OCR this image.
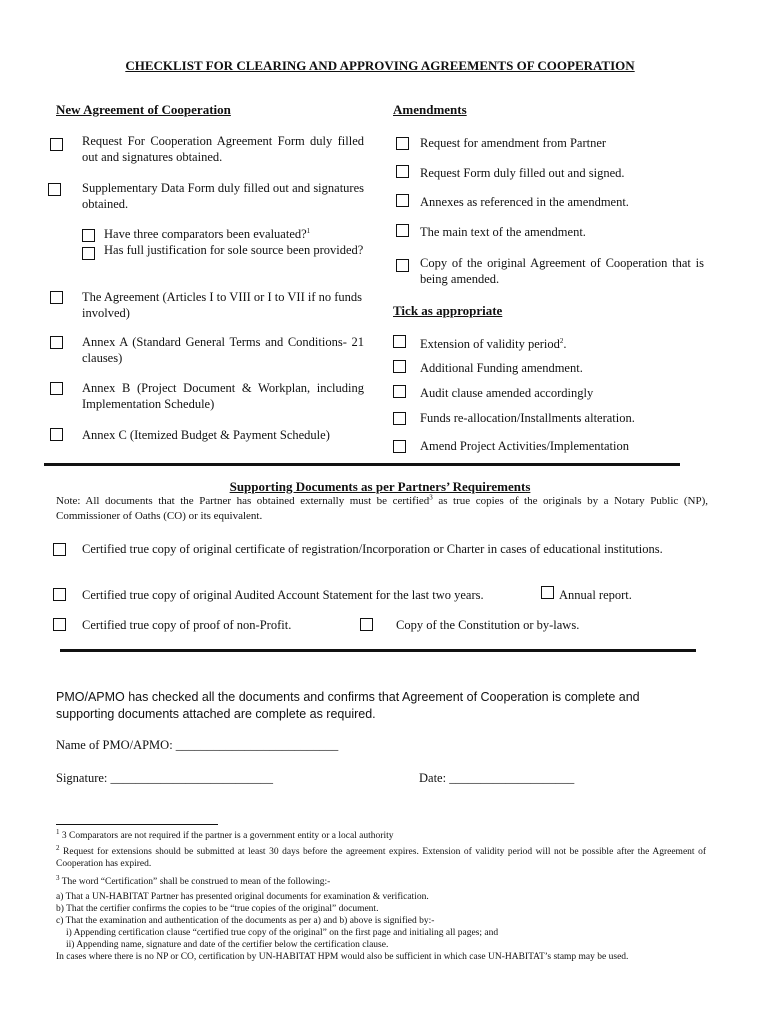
CHECKLIST FOR CLEARING AND APPROVING AGREEMENTS OF COOPERATION
New Agreement of Cooperation
Request For Cooperation Agreement Form duly filled out and signatures obtained.
Supplementary Data Form duly filled out and signatures obtained.
Have three comparators been evaluated?$^1$
Has full justification for sole source been provided?
The Agreement (Articles I to VIII or I to VII if no funds involved)
Annex A (Standard General Terms and Conditions- 21 clauses)
Annex B (Project Document & Workplan, including Implementation Schedule)
Annex C (Itemized Budget & Payment Schedule)
Amendments
Request for amendment from Partner
Request Form duly filled out and signed.
Annexes as referenced in the amendment.
The main text of the amendment.
Copy of the original Agreement of Cooperation that is being amended.
Tick as appropriate
Extension of validity period$^2$.
Additional Funding amendment.
Audit clause amended accordingly
Funds re-allocation/Installments alteration.
Amend Project Activities/Implementation
Supporting Documents as per Partners’ Requirements
Note: All documents that the Partner has obtained externally must be certified$^3$ as true copies of the originals by a Notary Public (NP), Commissioner of Oaths (CO) or its equivalent.
Certified true copy of original certificate of registration/Incorporation or Charter in cases of educational institutions.
Certified true copy of original Audited Account Statement for the last two years.	Annual report.
Certified true copy of proof of non-Profit.	Copy of the Constitution or by-laws.
PMO/APMO has checked all the documents and confirms that Agreement of Cooperation is complete and supporting documents attached are complete as required.
Name of PMO/APMO: __________________________
Signature: __________________________	Date: ____________________
$^1$ 3 Comparators are not required if the partner is a government entity or a local authority
$^2$ Request for extensions should be submitted at least 30 days before the agreement expires. Extension of validity period will not be possible after the Agreement of Cooperation has expired.
$^3$ The word “Certification” shall be construed to mean of the following:-
a) That a UN-HABITAT Partner has presented original documents for examination & verification.
b) That the certifier confirms the copies to be “true copies of the original” document.
c) That the examination and authentication of the documents as per a) and b) above is signified by:-
i) Appending certification clause “certified true copy of the original” on the first page and initialing all pages; and
ii) Appending name, signature and date of the certifier below the certification clause.
In cases where there is no NP or CO, certification by UN-HABITAT HPM would also be sufficient in which case UN-HABITAT’s stamp may be used.
